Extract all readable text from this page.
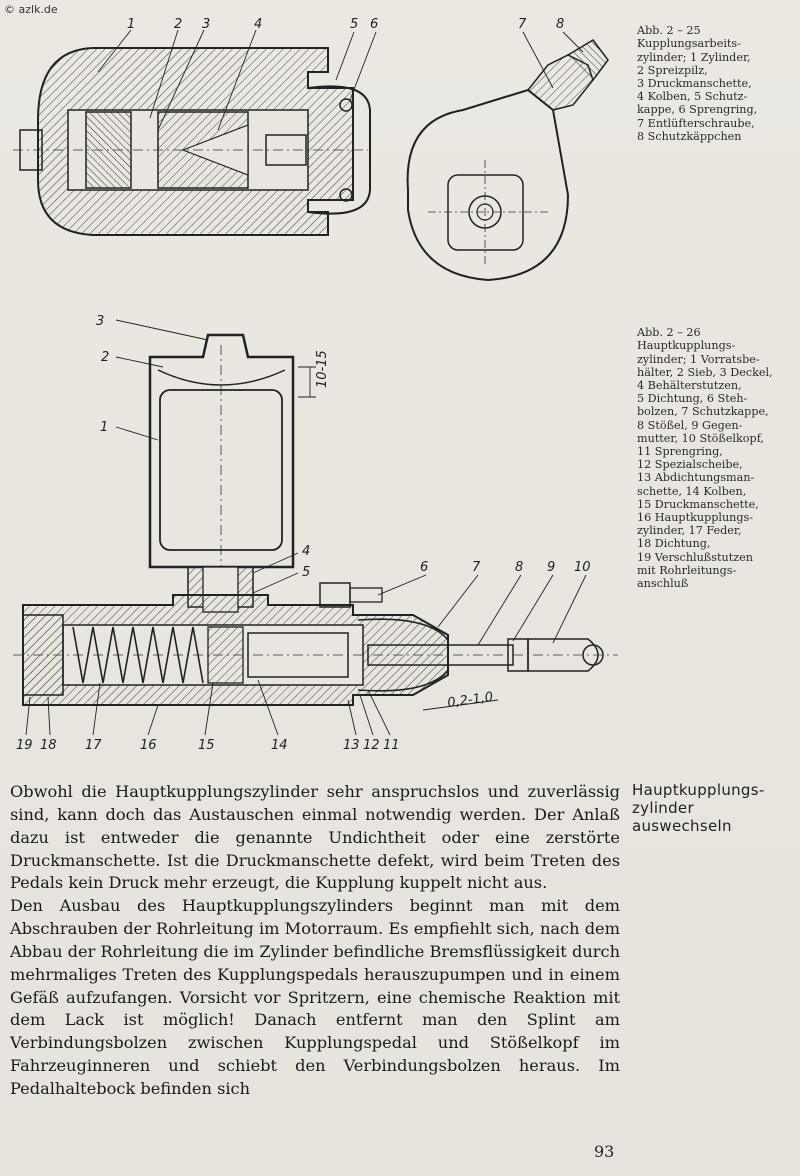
© azlk.de
1	2 3	4	5 6	7 8	Abb. 2 – 25
Kupplungsarbeits-
zylinder; 1 Zylinder,
2 Spreizpilz,
3 Druckmanschette,
4 Kolben, 5 Schutz-
kappe, 6 Sprengring,
7 Entlüfterschraube,
8 Schutzkäppchen

10-15
0,2-1,0
3
2
1
4
5	6	7	8 9 10
11
12
13
14
15
16
17
18
19

Abb. 2 – 26
Hauptkupplungs-
zylinder; 1 Vorratsbe-
hälter, 2 Sieb, 3 Deckel,
4 Behälterstutzen,
5 Dichtung, 6 Steh-
bolzen, 7 Schutzkappe,
8 Stößel, 9 Gegen-
mutter, 10 Stößelkopf,
11 Sprengring,
12 Spezialscheibe,
13 Abdichtungsman-
schette, 14 Kolben,
15 Druckmanschette,
16 Hauptkupplungs-
zylinder, 17 Feder,
18 Dichtung,
19 Verschlußstutzen
mit Rohrleitungs-
anschluß

Hauptkupplungs-
zylinder
auswechseln

Obwohl die Hauptkupplungszylinder sehr anspruchslos und zuverlässig sind, kann doch das Austauschen einmal notwendig werden. Der Anlaß dazu ist entweder die genannte Undichtheit oder eine zerstörte Druckmanschette. Ist die Druckmanschette defekt, wird beim Treten des Pedals kein Druck mehr erzeugt, die Kupplung kuppelt nicht aus.

Den Ausbau des Hauptkupplungszylinders beginnt man mit dem Abschrauben der Rohrleitung im Motorraum. Es empfiehlt sich, nach dem Abbau der Rohrleitung die im Zylinder befindliche Bremsflüssigkeit durch mehrmaliges Treten des Kupplungspedals herauszupumpen und in einem Gefäß aufzufangen. Vorsicht vor Spritzern, eine chemische Reaktion mit dem Lack ist möglich! Danach entfernt man den Splint am Verbindungsbolzen zwischen Kupplungspedal und Stößelkopf im Fahrzeuginneren und schiebt den Verbindungsbolzen heraus. Im Pedalhaltebock befinden sich

93
